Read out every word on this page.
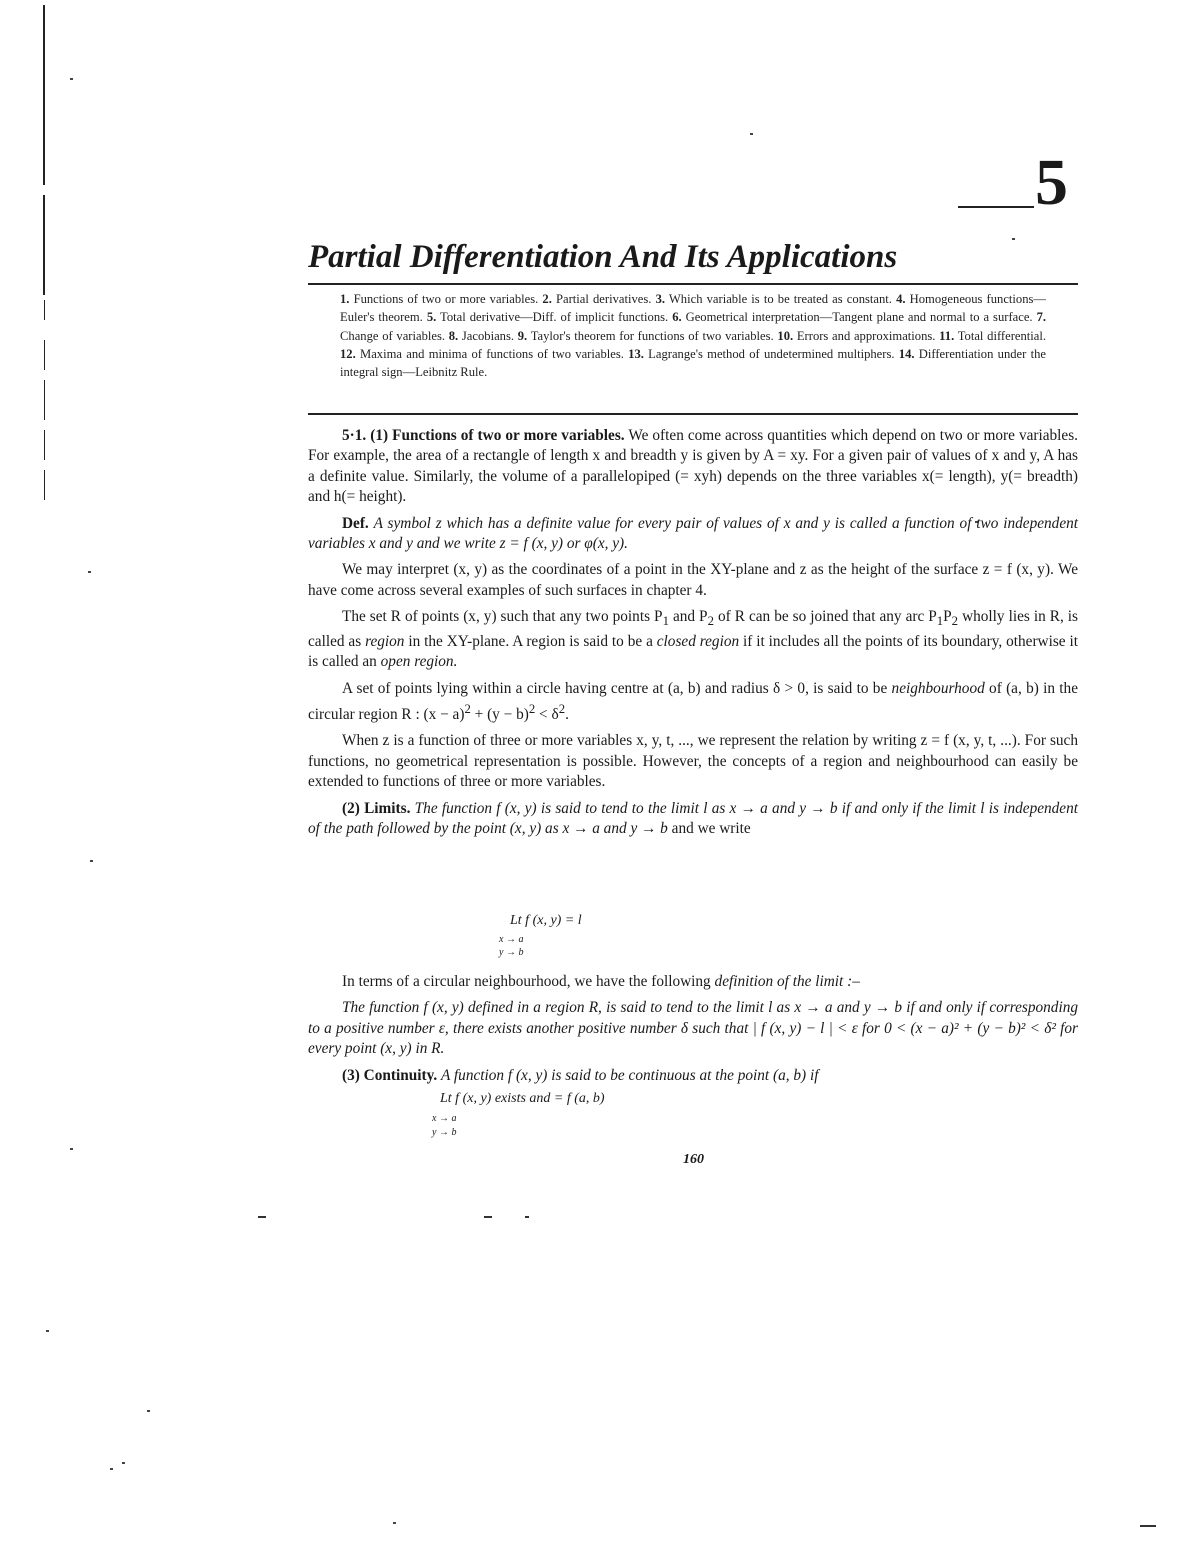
5
Partial Differentiation And Its Applications
1. Functions of two or more variables. 2. Partial derivatives. 3. Which variable is to be treated as constant. 4. Homogeneous functions—Euler's theorem. 5. Total derivative—Diff. of implicit functions. 6. Geometrical interpretation—Tangent plane and normal to a surface. 7. Change of variables. 8. Jacobians. 9. Taylor's theorem for functions of two variables. 10. Errors and approximations. 11. Total differential. 12. Maxima and minima of functions of two variables. 13. Lagrange's method of undetermined multiphers. 14. Differentiation under the integral sign—Leibnitz Rule.

5·1. (1) Functions of two or more variables. We often come across quantities which depend on two or more variables. For example, the area of a rectangle of length x and breadth y is given by A = xy. For a given pair of values of x and y, A has a definite value. Similarly, the volume of a parallelopiped (= xyh) depends on the three variables x(= length), y(= breadth) and h(= height).

Def. A symbol z which has a definite value for every pair of values of x and y is called a function of two independent variables x and y and we write z = f (x, y) or φ(x, y).

We may interpret (x, y) as the coordinates of a point in the XY-plane and z as the height of the surface z = f (x, y). We have come across several examples of such surfaces in chapter 4.

The set R of points (x, y) such that any two points $P_1$ and $P_2$ of R can be so joined that any arc $P_1P_2$ wholly lies in R, is called as region in the XY-plane. A region is said to be a closed region if it includes all the points of its boundary, otherwise it is called an open region.

A set of points lying within a circle having centre at (a, b) and radius δ > 0, is said to be neighbourhood of (a, b) in the circular region R : $(x - a)^2 + (y - b)^2 < \delta^2$.

When z is a function of three or more variables x, y, t, ..., we represent the relation by writing z = f (x, y, t, ...). For such functions, no geometrical representation is possible. However, the concepts of a region and neighbourhood can easily be extended to functions of three or more variables.

(2) Limits. The function f (x, y) is said to tend to the limit l as x → a and y → b if and only if the limit l is independent of the path followed by the point (x, y) as x → a and y → b and we write

Lt f (x, y) = l
x → a
y → b

In terms of a circular neighbourhood, we have the following definition of the limit :–

The function f (x, y) defined in a region R, is said to tend to the limit l as x → a and y → b if and only if corresponding to a positive number ε, there exists another positive number δ such that | f (x, y) − l | < ε for 0 < (x − a)² + (y − b)² < δ² for every point (x, y) in R.

(3) Continuity. A function f (x, y) is said to be continuous at the point (a, b) if

Lt f (x, y) exists and = f (a, b)
x → a
y → b
160
